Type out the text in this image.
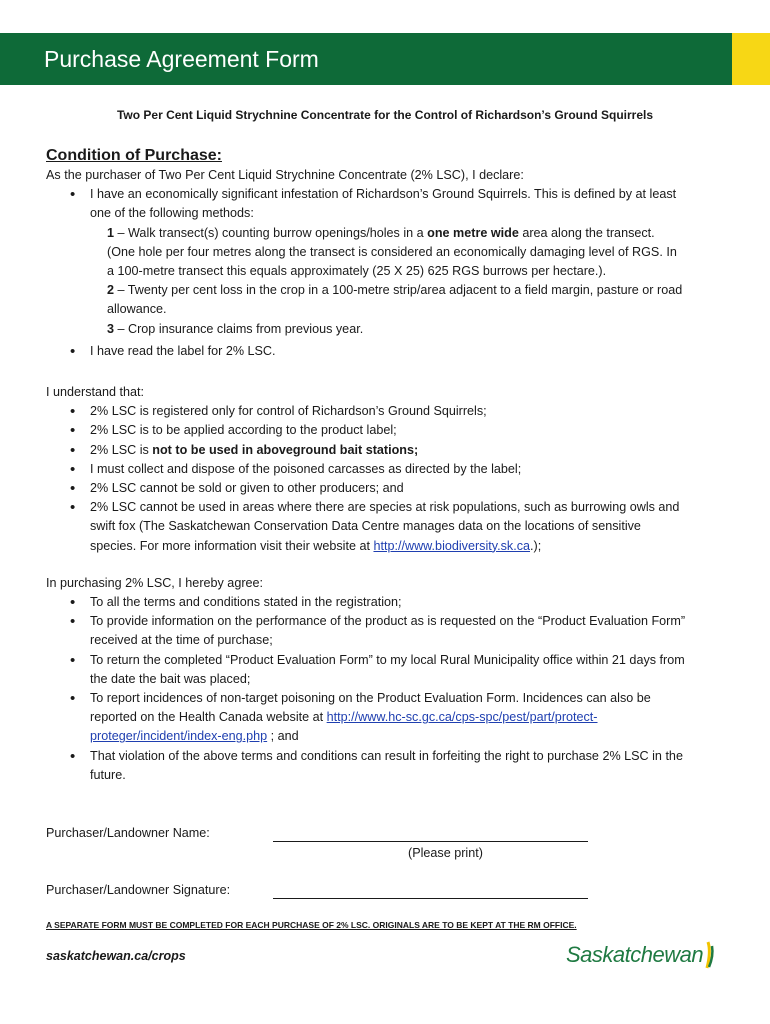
Purchase Agreement Form
Two Per Cent Liquid Strychnine Concentrate for the Control of Richardson’s Ground Squirrels
Condition of Purchase:

As the purchaser of Two Per Cent Liquid Strychnine Concentrate (2% LSC), I declare:

• I have an economically significant infestation of Richardson’s Ground Squirrels. This is defined by at least one of the following methods:
1 – Walk transect(s) counting burrow openings/holes in a one metre wide area along the transect. (One hole per four metres along the transect is considered an economically damaging level of RGS. In a 100-metre transect this equals approximately (25 X 25) 625 RGS burrows per hectare.).
2 – Twenty per cent loss in the crop in a 100-metre strip/area adjacent to a field margin, pasture or road allowance.
3 – Crop insurance claims from previous year.
• I have read the label for 2% LSC.

I understand that:

• 2% LSC is registered only for control of Richardson’s Ground Squirrels;
• 2% LSC is to be applied according to the product label;
• 2% LSC is not to be used in aboveground bait stations;
• I must collect and dispose of the poisoned carcasses as directed by the label;
• 2% LSC cannot be sold or given to other producers; and
• 2% LSC cannot be used in areas where there are species at risk populations, such as burrowing owls and swift fox (The Saskatchewan Conservation Data Centre manages data on the locations of sensitive species. For more information visit their website at http://www.biodiversity.sk.ca.);

In purchasing 2% LSC, I hereby agree:

• To all the terms and conditions stated in the registration;
• To provide information on the performance of the product as is requested on the “Product Evaluation Form” received at the time of purchase;
• To return the completed “Product Evaluation Form” to my local Rural Municipality office within 21 days from the date the bait was placed;
• To report incidences of non-target poisoning on the Product Evaluation Form. Incidences can also be reported on the Health Canada website at http://www.hc-sc.gc.ca/cps-spc/pest/part/protect-proteger/incident/index-eng.php ; and
• That violation of the above terms and conditions can result in forfeiting the right to purchase 2% LSC in the future.
Purchaser/Landowner Name:
(Please print)
Purchaser/Landowner Signature:
A SEPARATE FORM MUST BE COMPLETED FOR EACH PURCHASE OF 2% LSC. ORIGINALS ARE TO BE KEPT AT THE RM OFFICE.
saskatchewan.ca/crops	Saskatchewan
